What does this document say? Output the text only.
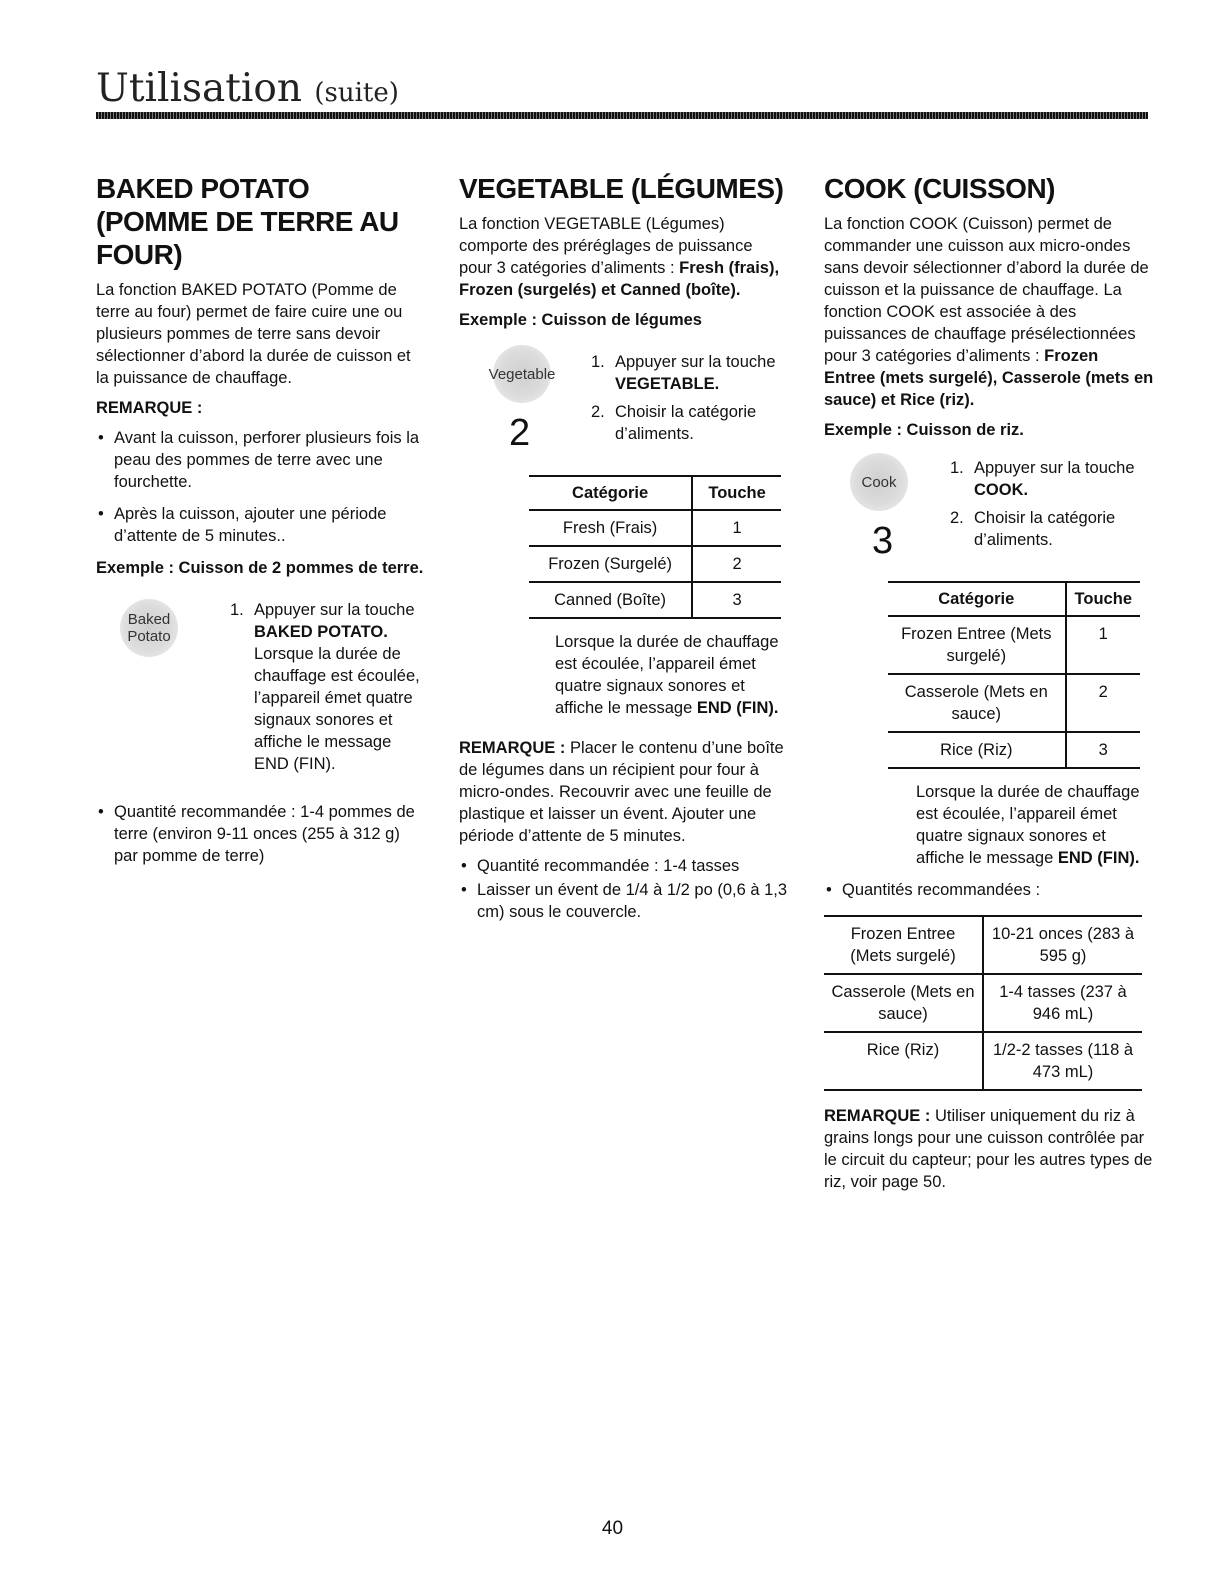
Utilisation (suite)
BAKED POTATO (POMME DE TERRE AU FOUR)

La fonction BAKED POTATO (Pomme de terre au four) permet de faire cuire une ou plusieurs pommes de terre sans devoir sélectionner d’abord la durée de cuisson et la puissance de chauffage.

REMARQUE :
• Avant la cuisson, perforer plusieurs fois la peau des pommes de terre avec une fourchette.
• Après la cuisson, ajouter une période d’attente de 5 minutes..
Exemple : Cuisson de 2 pommes de terre.
Baked Potato
1. Appuyer sur la touche BAKED POTATO.
Lorsque la durée de chauffage est écoulée, l’appareil émet quatre signaux sonores et affiche le message END (FIN).
• Quantité recommandée : 1-4 pommes de terre (environ 9-11 onces (255 à 312 g) par pomme de terre)
VEGETABLE (LÉGUMES)

La fonction VEGETABLE (Légumes) comporte des préréglages de puissance pour 3 catégories d’aliments : Fresh (frais), Frozen (surgelés) et Canned (boîte).

Exemple : Cuisson de légumes
Vegetable
2
1. Appuyer sur la touche
VEGETABLE.
2. Choisir la catégorie d’aliments.
Catégorie	Touche
Fresh (Frais)	1
Frozen (Surgelé)	2
Canned (Boîte)	3
Lorsque la durée de chauffage est écoulée, l’appareil émet quatre signaux sonores et affiche le message END (FIN).

REMARQUE : Placer le contenu d’une boîte de légumes dans un récipient pour four à micro-ondes. Recouvrir avec une feuille de plastique et laisser un évent. Ajouter une période d’attente de 5 minutes.

• Quantité recommandée : 1-4 tasses
• Laisser un évent de 1/4 à 1/2 po (0,6 à 1,3 cm) sous le couvercle.
COOK (CUISSON)

La fonction COOK (Cuisson) permet de commander une cuisson aux micro-ondes sans devoir sélectionner d’abord la durée de cuisson et la puissance de chauffage. La fonction COOK est associée à des puissances de chauffage présélectionnées pour 3 catégories d’aliments : Frozen Entree (mets surgelé), Casserole (mets en sauce) et Rice (riz).

Exemple : Cuisson de riz.
Cook
3
1. Appuyer sur la touche COOK.
2. Choisir la catégorie d’aliments.
Catégorie	Touche
Frozen Entree (Mets surgelé)	1
Casserole (Mets en sauce)	2
Rice (Riz)	3
Lorsque la durée de chauffage est écoulée, l’appareil émet quatre signaux sonores et affiche le message END (FIN).
• Quantités recommandées :
Frozen Entree (Mets surgelé)	10-21 onces (283 à 595 g)
Casserole (Mets en sauce)	1-4 tasses (237 à 946 mL)
Rice (Riz)	1/2-2 tasses (118 à 473 mL)

REMARQUE : Utiliser uniquement du riz à grains longs pour une cuisson contrôlée par le circuit du capteur; pour les autres types de riz, voir page 50.

40
